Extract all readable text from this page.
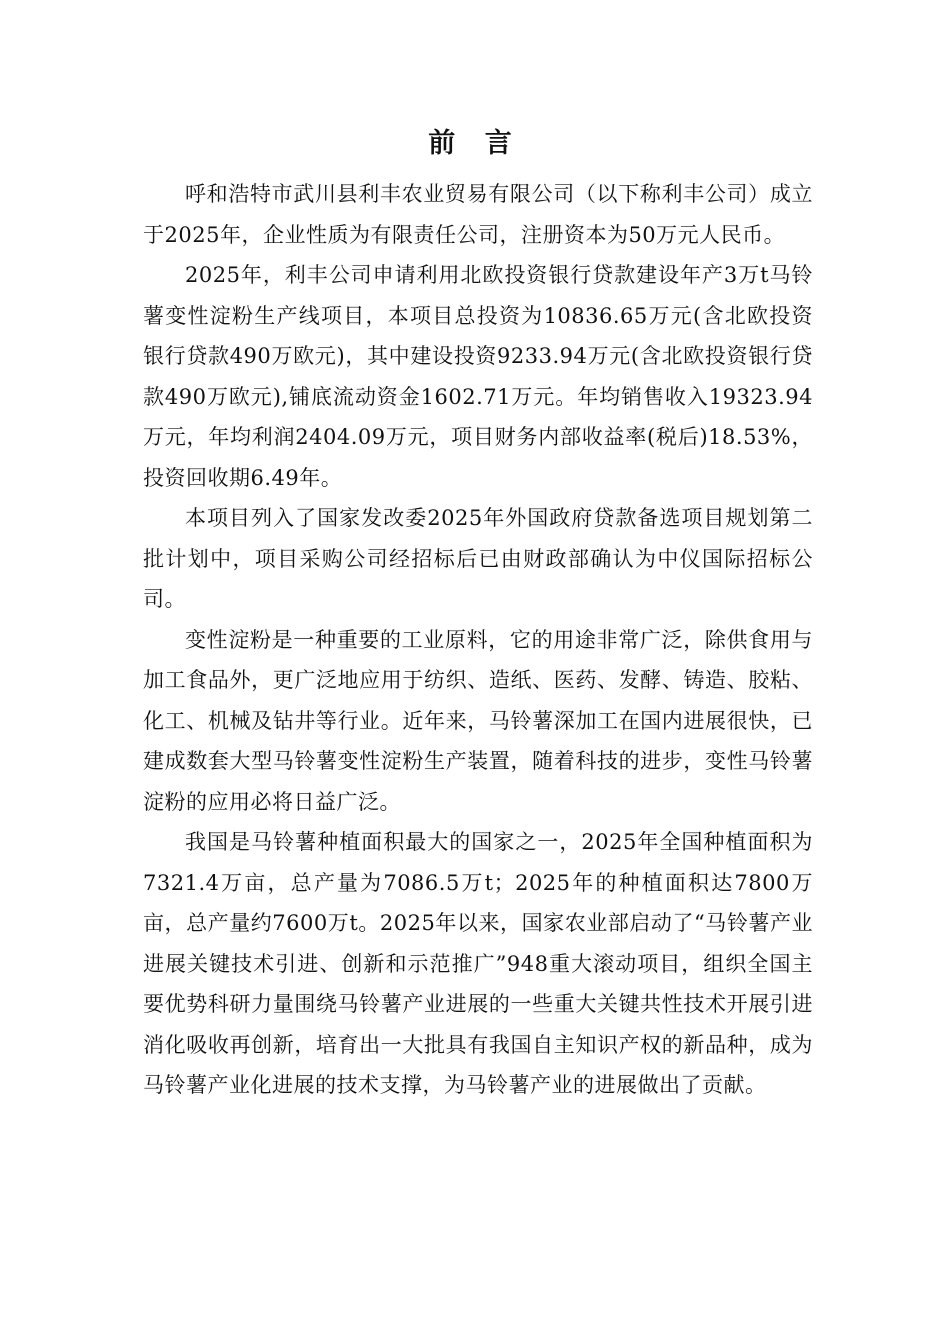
前 言

呼和浩特市武川县利丰农业贸易有限公司（以下称利丰公司）成立于2025年，企业性质为有限责任公司，注册资本为50万元人民币。

2025年，利丰公司申请利用北欧投资银行贷款建设年产3万t马铃薯变性淀粉生产线项目，本项目总投资为10836.65万元(含北欧投资银行贷款490万欧元)，其中建设投资9233.94万元(含北欧投资银行贷款490万欧元),铺底流动资金1602.71万元。年均销售收入19323.94万元，年均利润2404.09万元，项目财务内部收益率(税后)18.53%，投资回收期6.49年。

本项目列入了国家发改委2025年外国政府贷款备选项目规划第二批计划中，项目采购公司经招标后已由财政部确认为中仪国际招标公司。

变性淀粉是一种重要的工业原料，它的用途非常广泛，除供食用与加工食品外，更广泛地应用于纺织、造纸、医药、发酵、铸造、胶粘、化工、机械及钻井等行业。近年来，马铃薯深加工在国内进展很快，已建成数套大型马铃薯变性淀粉生产装置，随着科技的进步，变性马铃薯淀粉的应用必将日益广泛。

我国是马铃薯种植面积最大的国家之一，2025年全国种植面积为7321.4万亩，总产量为7086.5万t；2025年的种植面积达7800万亩，总产量约7600万t。2025年以来，国家农业部启动了“马铃薯产业进展关键技术引进、创新和示范推广”948重大滚动项目，组织全国主要优势科研力量围绕马铃薯产业进展的一些重大关键共性技术开展引进消化吸收再创新，培育出一大批具有我国自主知识产权的新品种，成为马铃薯产业化进展的技术支撑，为马铃薯产业的进展做出了贡献。
